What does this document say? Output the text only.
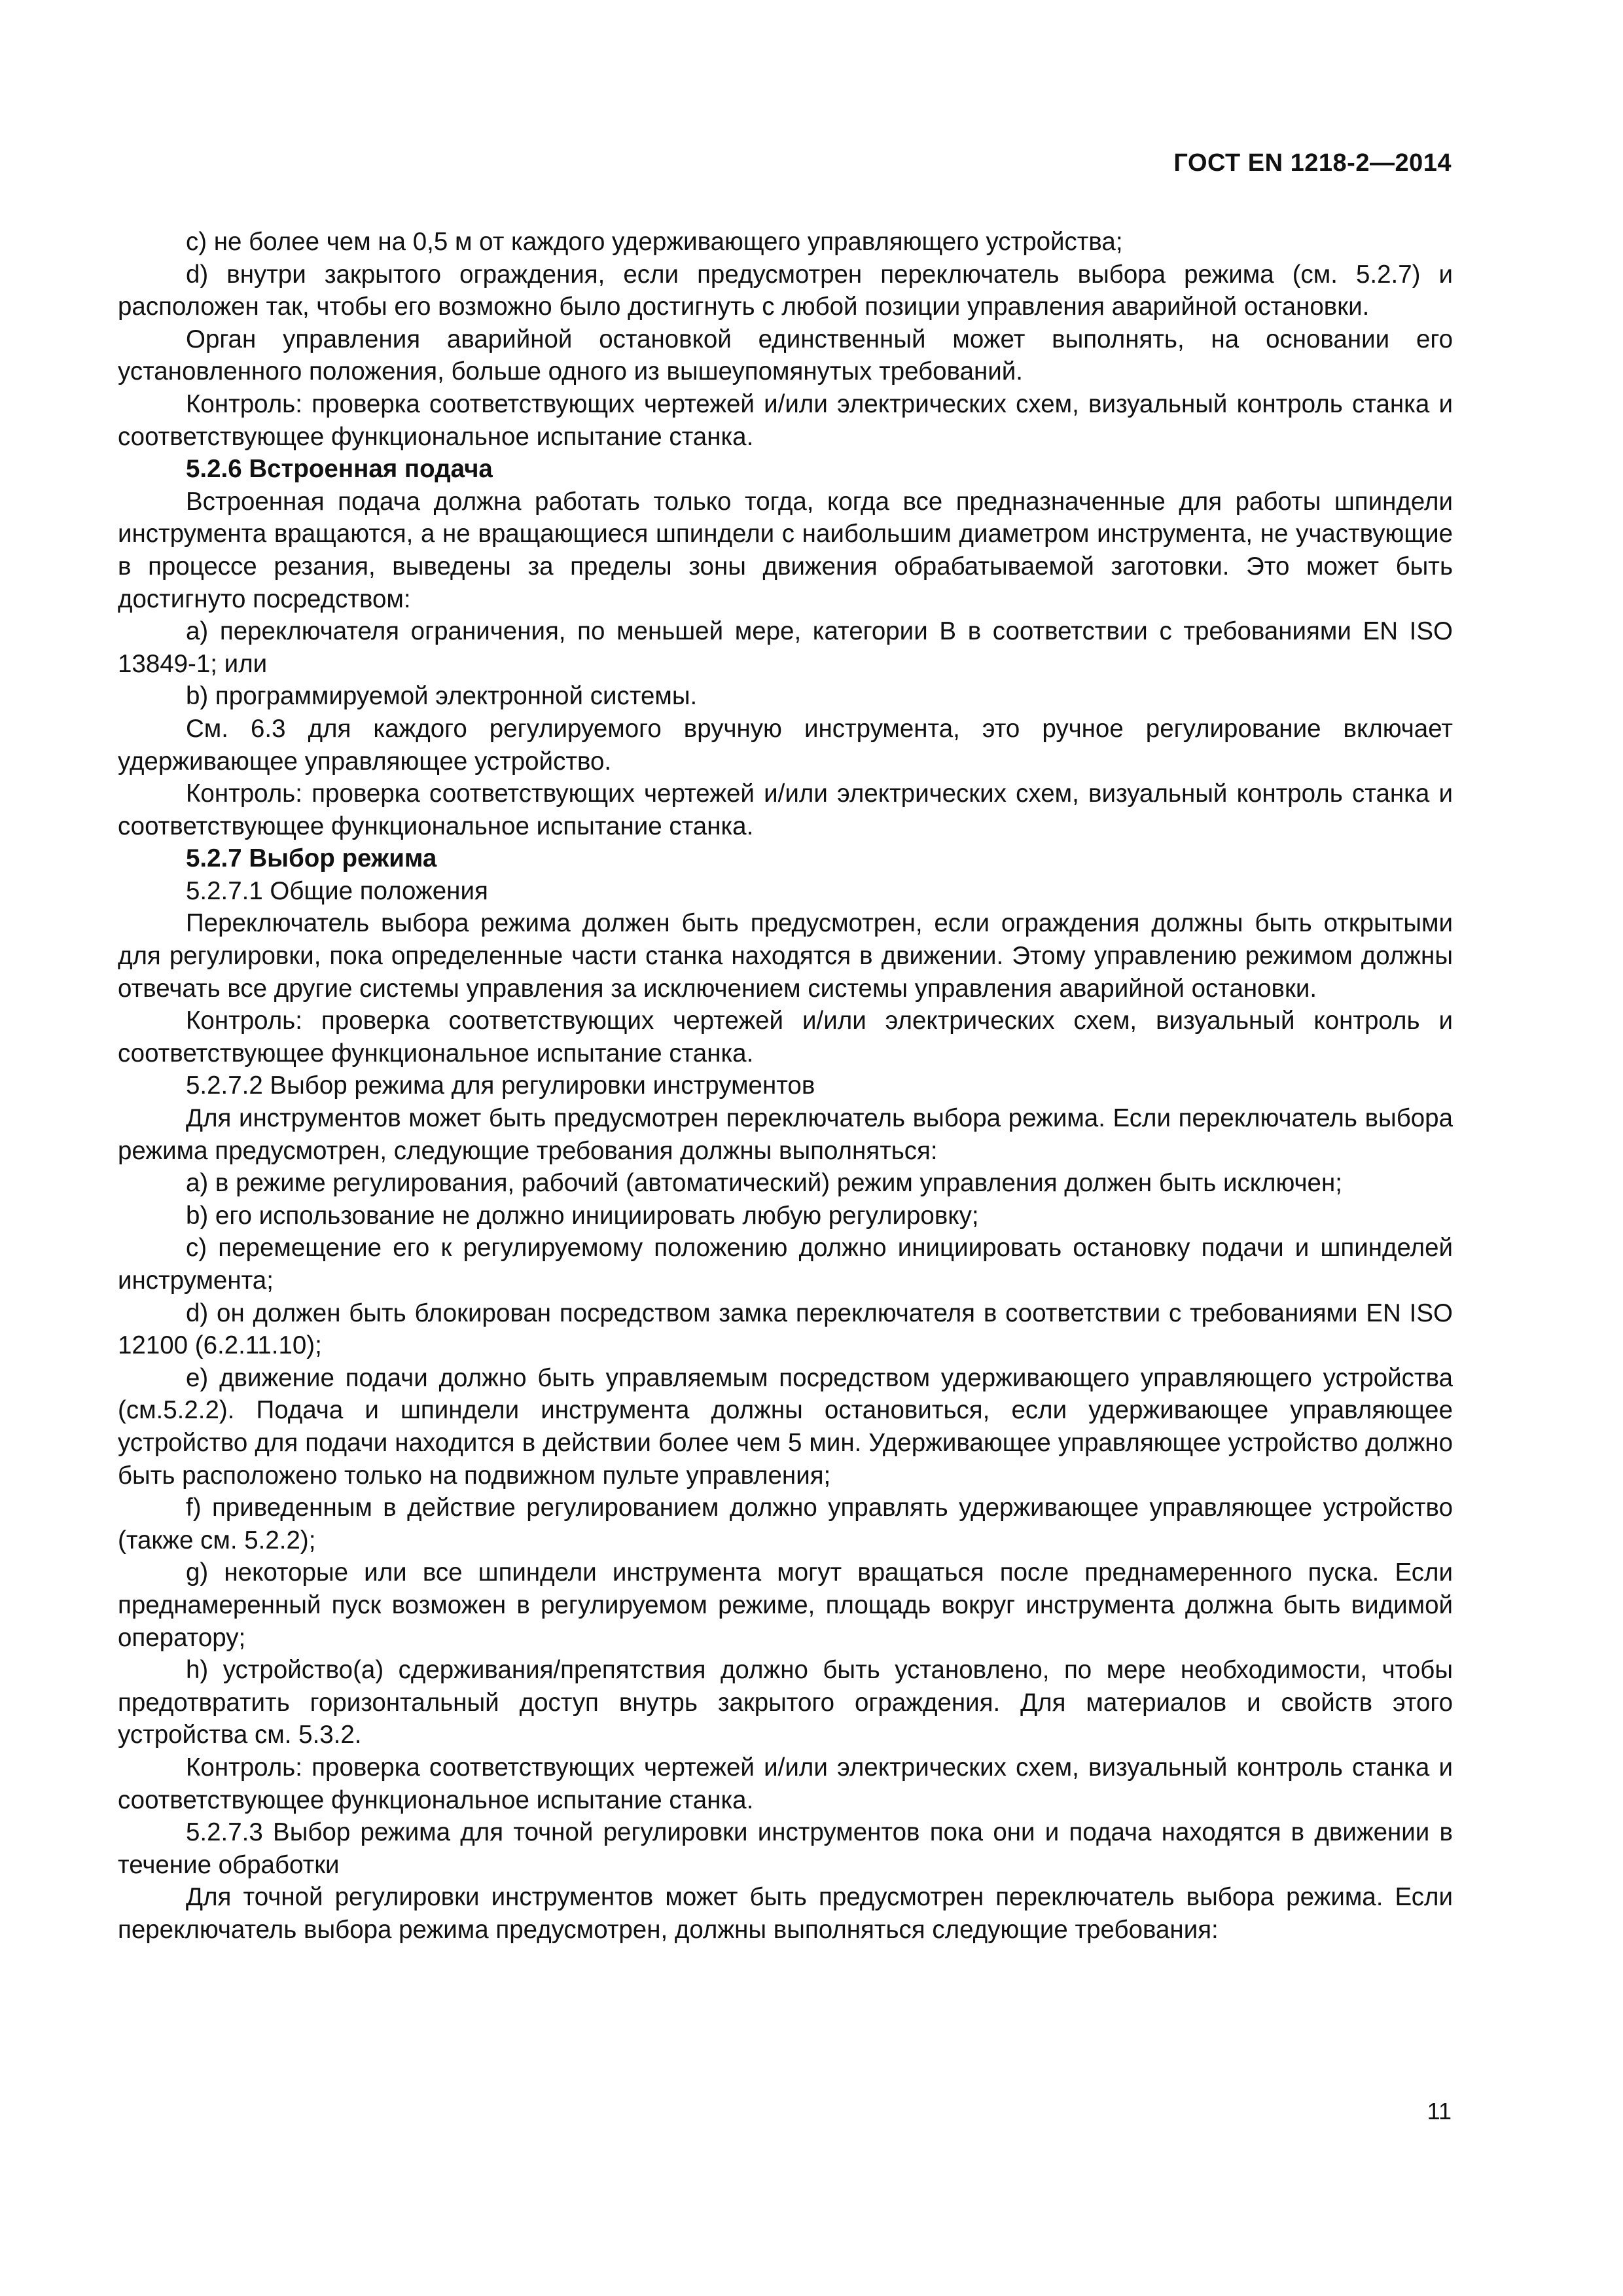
ГОСТ EN 1218-2—2014

с) не более чем на 0,5 м от каждого удерживающего управляющего устройства;

d) внутри закрытого ограждения, если предусмотрен переключатель выбора режима (см. 5.2.7) и расположен так, чтобы его возможно было достигнуть с любой позиции управления аварийной остановки.

Орган управления аварийной остановкой единственный может выполнять, на основании его установленного положения, больше одного из вышеупомянутых требований.

Контроль: проверка соответствующих чертежей и/или электрических схем, визуальный контроль станка и соответствующее функциональное испытание станка.

5.2.6 Встроенная подача

Встроенная подача должна работать только тогда, когда все предназначенные для работы шпиндели инструмента вращаются, а не вращающиеся шпиндели с наибольшим диаметром инструмента, не участвующие в процессе резания, выведены за пределы зоны движения обрабатываемой заготовки. Это может быть достигнуто посредством:

а) переключателя ограничения, по меньшей мере, категории B в соответствии с требованиями EN ISO 13849-1; или

b) программируемой электронной системы.

См. 6.3 для каждого регулируемого вручную инструмента, это ручное регулирование включает удерживающее управляющее устройство.

Контроль: проверка соответствующих чертежей и/или электрических схем, визуальный контроль станка и соответствующее функциональное испытание станка.

5.2.7 Выбор режима

5.2.7.1 Общие положения

Переключатель выбора режима должен быть предусмотрен, если ограждения должны быть открытыми для регулировки, пока определенные части станка находятся в движении. Этому управлению режимом должны отвечать все другие системы управления за исключением системы управления аварийной остановки.

Контроль: проверка соответствующих чертежей и/или электрических схем, визуальный контроль и соответствующее функциональное испытание станка.

5.2.7.2 Выбор режима для регулировки инструментов

Для инструментов может быть предусмотрен переключатель выбора режима. Если переключатель выбора режима предусмотрен, следующие требования должны выполняться:

а) в режиме регулирования, рабочий (автоматический) режим управления должен быть исключен;

b) его использование не должно инициировать любую регулировку;

с) перемещение его к регулируемому положению должно инициировать остановку подачи и шпинделей инструмента;

d) он должен быть блокирован посредством замка переключателя в соответствии с требованиями EN ISO 12100 (6.2.11.10);

е) движение подачи должно быть управляемым посредством удерживающего управляющего устройства (см.5.2.2). Подача и шпиндели инструмента должны остановиться, если удерживающее управляющее устройство для подачи находится в действии более чем 5 мин. Удерживающее управляющее устройство должно быть расположено только на подвижном пульте управления;

f) приведенным в действие регулированием должно управлять удерживающее управляющее устройство (также см. 5.2.2);

g) некоторые или все шпиндели инструмента могут вращаться после преднамеренного пуска. Если преднамеренный пуск возможен в регулируемом режиме, площадь вокруг инструмента должна быть видимой оператору;

h) устройство(а) сдерживания/препятствия должно быть установлено, по мере необходимости, чтобы предотвратить горизонтальный доступ внутрь закрытого ограждения. Для материалов и свойств этого устройства см. 5.3.2.

Контроль: проверка соответствующих чертежей и/или электрических схем, визуальный контроль станка и соответствующее функциональное испытание станка.

5.2.7.3 Выбор режима для точной регулировки инструментов пока они и подача находятся в движении в течение обработки

Для точной регулировки инструментов может быть предусмотрен переключатель выбора режима. Если переключатель выбора режима предусмотрен, должны выполняться следующие требования:

11
